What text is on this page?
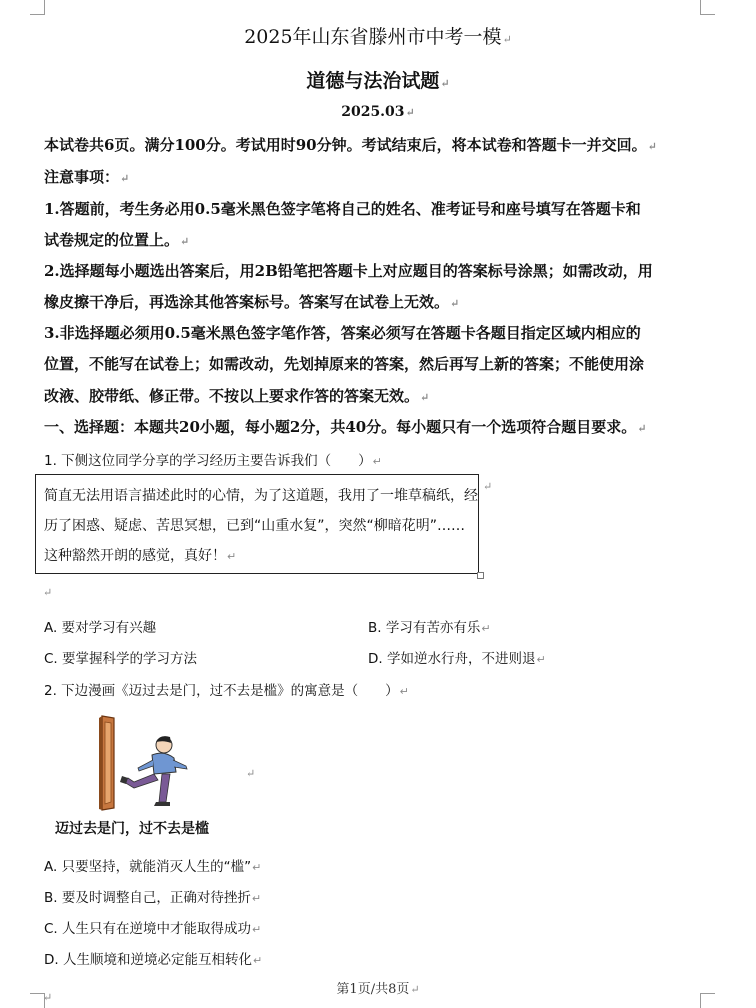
2025年山东省滕州市中考一模↵
道德与法治试题↵
2025.03↵
本试卷共6页。满分100分。考试用时90分钟。考试结束后，将本试卷和答题卡一并交回。↵
注意事项：↵
1.答题前，考生务必用0.5毫米黑色签字笔将自己的姓名、准考证号和座号填写在答题卡和
试卷规定的位置上。↵
2.选择题每小题选出答案后，用2B铅笔把答题卡上对应题目的答案标号涂黑；如需改动，用
橡皮擦干净后，再选涂其他答案标号。答案写在试卷上无效。↵
3.非选择题必须用0.5毫米黑色签字笔作答，答案必须写在答题卡各题目指定区域内相应的
位置，不能写在试卷上；如需改动，先划掉原来的答案，然后再写上新的答案；不能使用涂
改液、胶带纸、修正带。不按以上要求作答的答案无效。↵
一、选择题：本题共20小题，每小题2分，共40分。每小题只有一个选项符合题目要求。↵
1. 下侧这位同学分享的学习经历主要告诉我们（　　）↵
简直无法用语言描述此时的心情，为了这道题，我用了一堆草稿纸，经
历了困惑、疑虑、苦思冥想，已到“山重水复”，突然“柳暗花明”……
这种豁然开朗的感觉，真好！↵
↵
↵
A. 要对学习有兴趣	B. 学习有苦亦有乐↵
C. 要掌握科学的学习方法	D. 学如逆水行舟，不进则退↵
2. 下边漫画《迈过去是门，过不去是槛》的寓意是（　　）↵
↵
迈过去是门，过不去是槛
A. 只要坚持，就能消灭人生的“槛”↵
B. 要及时调整自己，正确对待挫折↵
C. 人生只有在逆境中才能取得成功↵
D. 人生顺境和逆境必定能互相转化↵
第1页/共8页↵
↵
